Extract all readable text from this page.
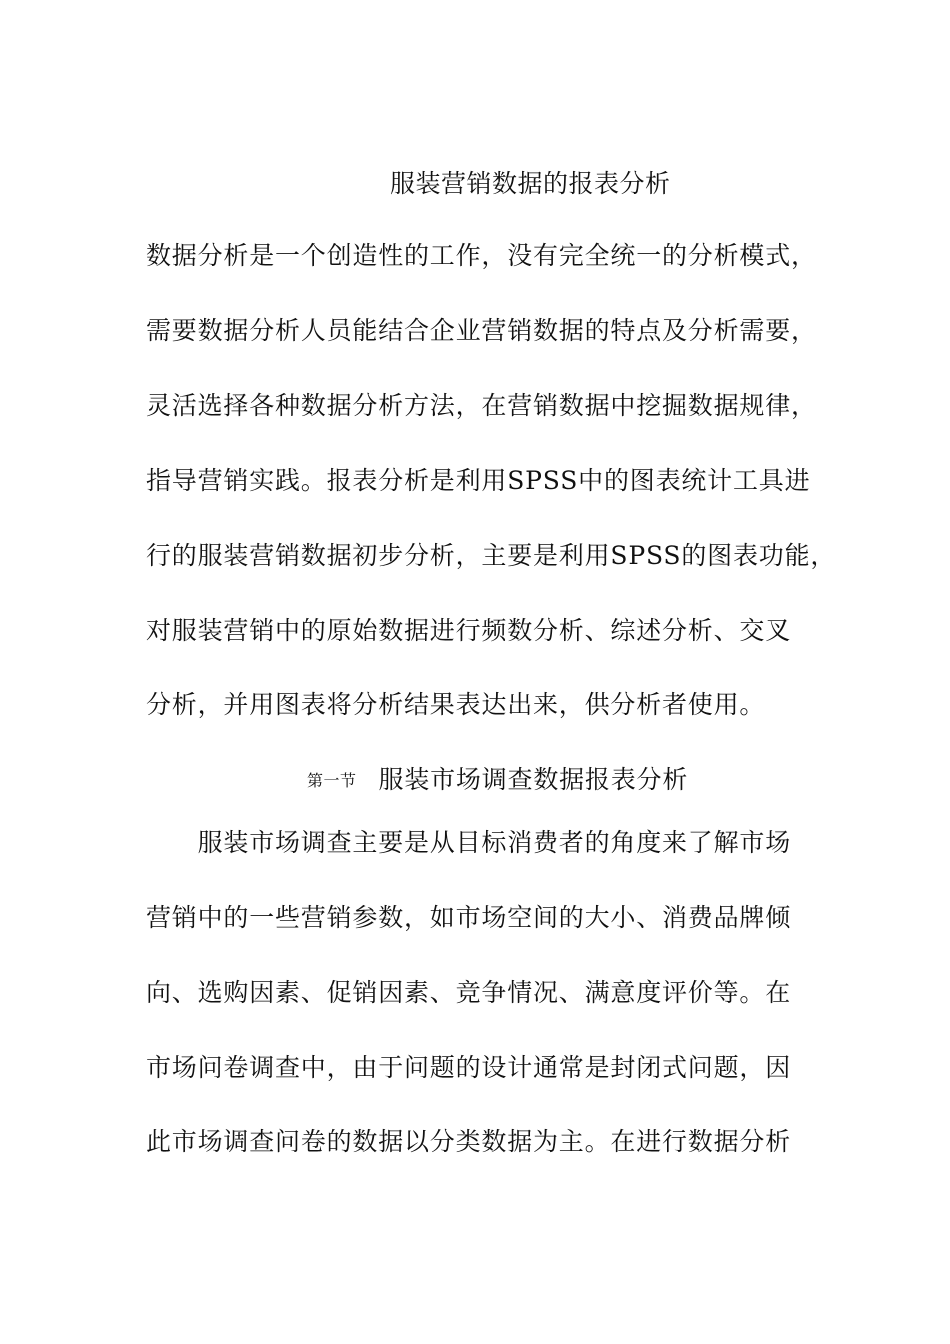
服装营销数据的报表分析
数据分析是一个创造性的工作，没有完全统一的分析模式，
需要数据分析人员能结合企业营销数据的特点及分析需要，
灵活选择各种数据分析方法，在营销数据中挖掘数据规律，
指导营销实践。报表分析是利用SPSS中的图表统计工具进
行的服装营销数据初步分析，主要是利用SPSS的图表功能，
对服装营销中的原始数据进行频数分析、综述分析、交叉
分析，并用图表将分析结果表达出来，供分析者使用。
第一节 服装市场调查数据报表分析
　　服装市场调查主要是从目标消费者的角度来了解市场
营销中的一些营销参数，如市场空间的大小、消费品牌倾
向、选购因素、促销因素、竞争情况、满意度评价等。在
市场问卷调查中，由于问题的设计通常是封闭式问题，因
此市场调查问卷的数据以分类数据为主。在进行数据分析
